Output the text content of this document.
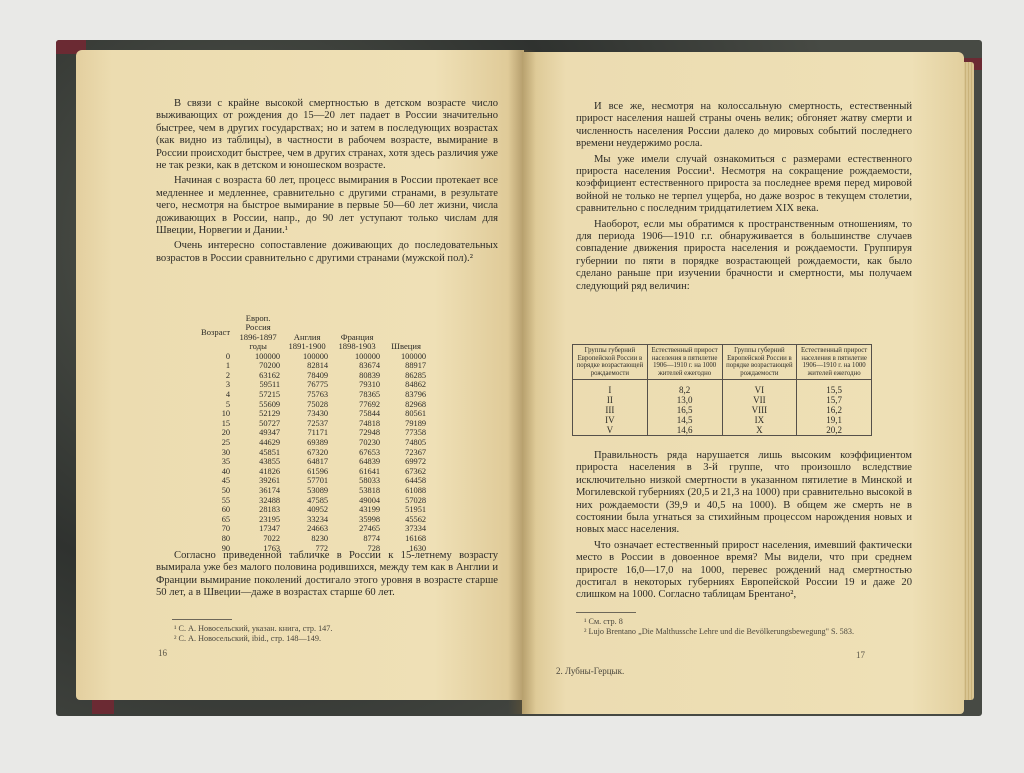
В связи с крайне высокой смертностью в детском возрасте число выживающих от рождения до 15—20 лет падает в России значительно быстрее, чем в других государствах; но и затем в последующих возрастах (как видно из таблицы), в частности в рабочем возрасте, вымирание в России происходит быстрее, чем в других странах, хотя здесь различия уже не так резки, как в детском и юношеском возрасте.

Начиная с возраста 60 лет, процесс вымирания в России протекает все медленнее и медленнее, сравнительно с другими странами, в результате чего, несмотря на быстрое вымирание в первые 50—60 лет жизни, числа доживающих в России, напр., до 90 лет уступают только числам для Швеции, Норвегии и Дании.¹

Очень интересно сопоставление доживающих до последовательных возрастов в России сравнительно с другими странами (мужской пол).²

Возраст	Европ. Россия 1896-1897 годы	Англия 1891-1900	Франция 1898-1903	Швеция
0	100000	100000	100000	100000
1	70200	82814	83674	88917
2	63162	78409	80839	86285
3	59511	76775	79310	84862
4	57215	75763	78365	83796
5	55609	75028	77692	82968
10	52129	73430	75844	80561
15	50727	72537	74818	79189
20	49347	71171	72948	77358
25	44629	69389	70230	74805
30	45851	67320	67653	72367
35	43855	64817	64839	69972
40	41826	61596	61641	67362
45	39261	57701	58033	64458
50	36174	53089	53818	61088
55	32488	47585	49004	57028
60	28183	40952	43199	51951
65	23195	33234	35998	45562
70	17347	24663	27465	37334
80	7022	8230	8774	16168
90	1763	772	728	1630

Согласно приведенной табличке в России к 15-летнему возрасту вымирала уже без малого половина родившихся, между тем как в Англии и Франции вымирание поколений достигало этого уровня в возрасте старше 50 лет, а в Швеции—даже в возрастах старше 60 лет.

¹ С. А. Новосельский, указан. книга, стр. 147.
² С. А. Новосельский, ibid., стр. 148—149.
16

И все же, несмотря на колоссальную смертность, естественный прирост населения нашей страны очень велик; обгоняет жатву смерти и численность населения России далеко до мировых событий последнего времени неудержимо росла.

Мы уже имели случай ознакомиться с размерами естественного прироста населения России¹. Несмотря на сокращение рождаемости, коэффициент естественного прироста за последнее время перед мировой войной не только не терпел ущерба, но даже возрос в текущем столетии, сравнительно с последним тридцатилетием XIX века.

Наоборот, если мы обратимся к пространственным отношениям, то для периода 1906—1910 г.г. обнаруживается в большинстве случаев совпадение движения прироста населения и рождаемости. Группируя губернии по пяти в порядке возрастающей рождаемости, как было сделано раньше при изучении брачности и смертности, мы получаем следующий ряд величин:

Группы губерний Европейской России в порядке возрастающей рождаемости	Естественный прирост населения в пятилетие 1906—1910 г. на 1000 жителей ежегодно	Группы губерний Европейской России в порядке возрастающей рождаемости	Естественный прирост населения в пятилетие 1906—1910 г. на 1000 жителей ежегодно
I	8,2	VI	15,5
II	13,0	VII	15,7
III	16,5	VIII	16,2
IV	14,5	IX	19,1
V	14,6	X	20,2

Правильность ряда нарушается лишь высоким коэффициентом прироста населения в 3-й группе, что произошло вследствие исключительно низкой смертности в указанном пятилетие в Минской и Могилевской губерниях (20,5 и 21,3 на 1000) при сравнительно высокой в них рождаемости (39,9 и 40,5 на 1000). В общем же смерть не в состоянии была угнаться за стихийным процессом нарождения новых и новых масс населения.

Что означает естественный прирост населения, имевший фактически место в России в довоенное время? Мы видели, что при среднем приросте 16,0—17,0 на 1000, перевес рождений над смертностью достигал в некоторых губерниях Европейской России 19 и даже 20 слишком на 1000. Согласно таблицам Брентано²,

¹ См. стр. 8
² Lujo Brentano „Die Malthussche Lehre und die Bevölkerungsbewegung" S. 583.
17
2. Лубны-Герцык.
